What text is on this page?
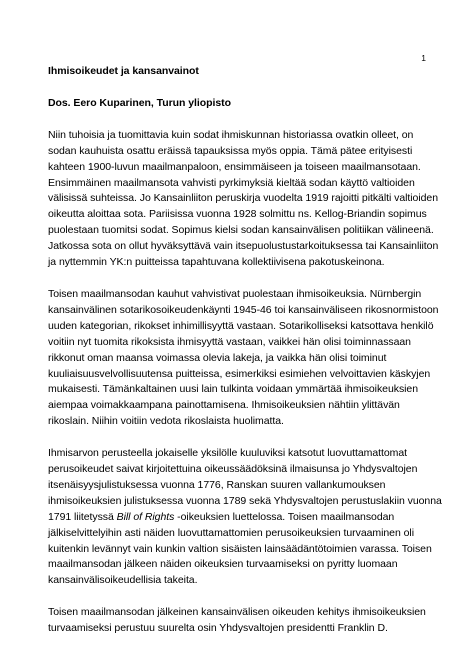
1

Ihmisoikeudet ja kansanvainot

Dos. Eero Kuparinen, Turun yliopisto

Niin tuhoisia ja tuomittavia kuin sodat ihmiskunnan historiassa ovatkin olleet, on
sodan kauhuista osattu eräissä tapauksissa myös oppia. Tämä pätee erityisesti
kahteen 1900-luvun maailmanpaloon, ensimmäiseen ja toiseen maailmansotaan.
Ensimmäinen maailmansota vahvisti pyrkimyksiä kieltää sodan käyttö valtioiden
välisissä suhteissa. Jo Kansainliiton peruskirja vuodelta 1919 rajoitti pitkälti valtioiden
oikeutta aloittaa sota. Pariisissa vuonna 1928 solmittu ns. Kellog-Briandin sopimus
puolestaan tuomitsi sodat. Sopimus kielsi sodan kansainvälisen politiikan välineenä.
Jatkossa sota on ollut hyväksyttävä vain itsepuolustustarkoituksessa tai Kansainliiton
ja nyttemmin YK:n puitteissa tapahtuvana kollektiivisena pakotuskeinona.

Toisen maailmansodan kauhut vahvistivat puolestaan ihmisoikeuksia. Nürnbergin
kansainvälinen sotarikosoikeudenkäynti 1945-46 toi kansainväliseen rikosnormistoon
uuden kategorian, rikokset inhimillisyyttä vastaan. Sotarikolliseksi katsottava henkilö
voitiin nyt tuomita rikoksista ihmisyyttä vastaan, vaikkei hän olisi toiminnassaan
rikkonut oman maansa voimassa olevia lakeja, ja vaikka hän olisi toiminut
kuuliaisuusvelvollisuutensa puitteissa, esimerkiksi esimiehen velvoittavien käskyjen
mukaisesti. Tämänkaltainen uusi lain tulkinta voidaan ymmärtää ihmisoikeuksien
aiempaa voimakkaampana painottamisena. Ihmisoikeuksien nähtiin ylittävän
rikoslain. Niihin voitiin vedota rikoslaista huolimatta.

Ihmisarvon perusteella jokaiselle yksilölle kuuluviksi katsotut luovuttamattomat
perusoikeudet saivat kirjoitettuina oikeussäädöksinä ilmaisunsa jo Yhdysvaltojen
itsenäisyysjulistuksessa vuonna 1776, Ranskan suuren vallankumouksen
ihmisoikeuksien julistuksessa vuonna 1789 sekä Yhdysvaltojen perustuslakiin vuonna
1791 liitetyssä Bill of Rights -oikeuksien luettelossa. Toisen maailmansodan
jälkiselvittelyihin asti näiden luovuttamattomien perusoikeuksien turvaaminen oli
kuitenkin levännyt vain kunkin valtion sisäisten lainsäädäntötoimien varassa. Toisen
maailmansodan jälkeen näiden oikeuksien turvaamiseksi on pyritty luomaan
kansainvälisoikeudellisia takeita.

Toisen maailmansodan jälkeinen kansainvälisen oikeuden kehitys ihmisoikeuksien
turvaamiseksi perustuu suurelta osin Yhdysvaltojen presidentti Franklin D.
